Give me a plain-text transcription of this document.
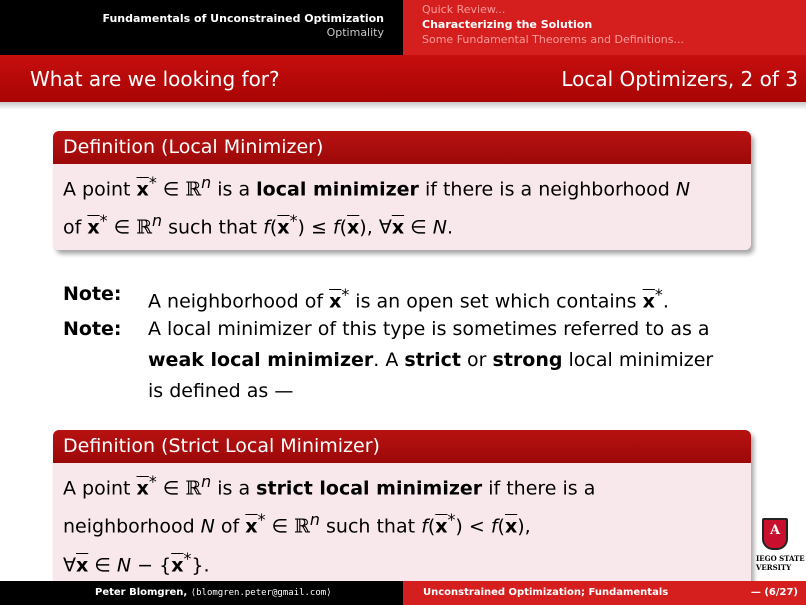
Fundamentals of Unconstrained Optimization
Optimality
Quick Review...
Characterizing the Solution
Some Fundamental Theorems and Definitions...
What are we looking for?	Local Optimizers, 2 of 3
Definition (Local Minimizer)
A point $\overline{x}^*$ ∈ ℝ$^n$ is a local minimizer if there is a neighborhood N
of $\overline{x}^*$ ∈ ℝ$^n$ such that $f(\overline{x}^*) \le f(\overline{x})$, $\forall\overline{x}$ ∈ N.
Note: A neighborhood of $\overline{x}^*$ is an open set which contains $\overline{x}^*$.
Note: A local minimizer of this type is sometimes referred to as a
weak local minimizer. A strict or strong local minimizer
is defined as —
Definition (Strict Local Minimizer)
A point $\overline{x}^*$ ∈ ℝ$^n$ is a strict local minimizer if there is a
neighborhood N of $\overline{x}^*$ ∈ ℝ$^n$ such that $f(\overline{x}^*) < f(\overline{x})$,
$\forall\overline{x}$ ∈ $N - \{\overline{x}^*\}$.
A
IEGO STATE
VERSITY
Peter Blomgren, ⟨blomgren.peter@gmail.com⟩	Unconstrained Optimization; Fundamentals	— (6/27)
